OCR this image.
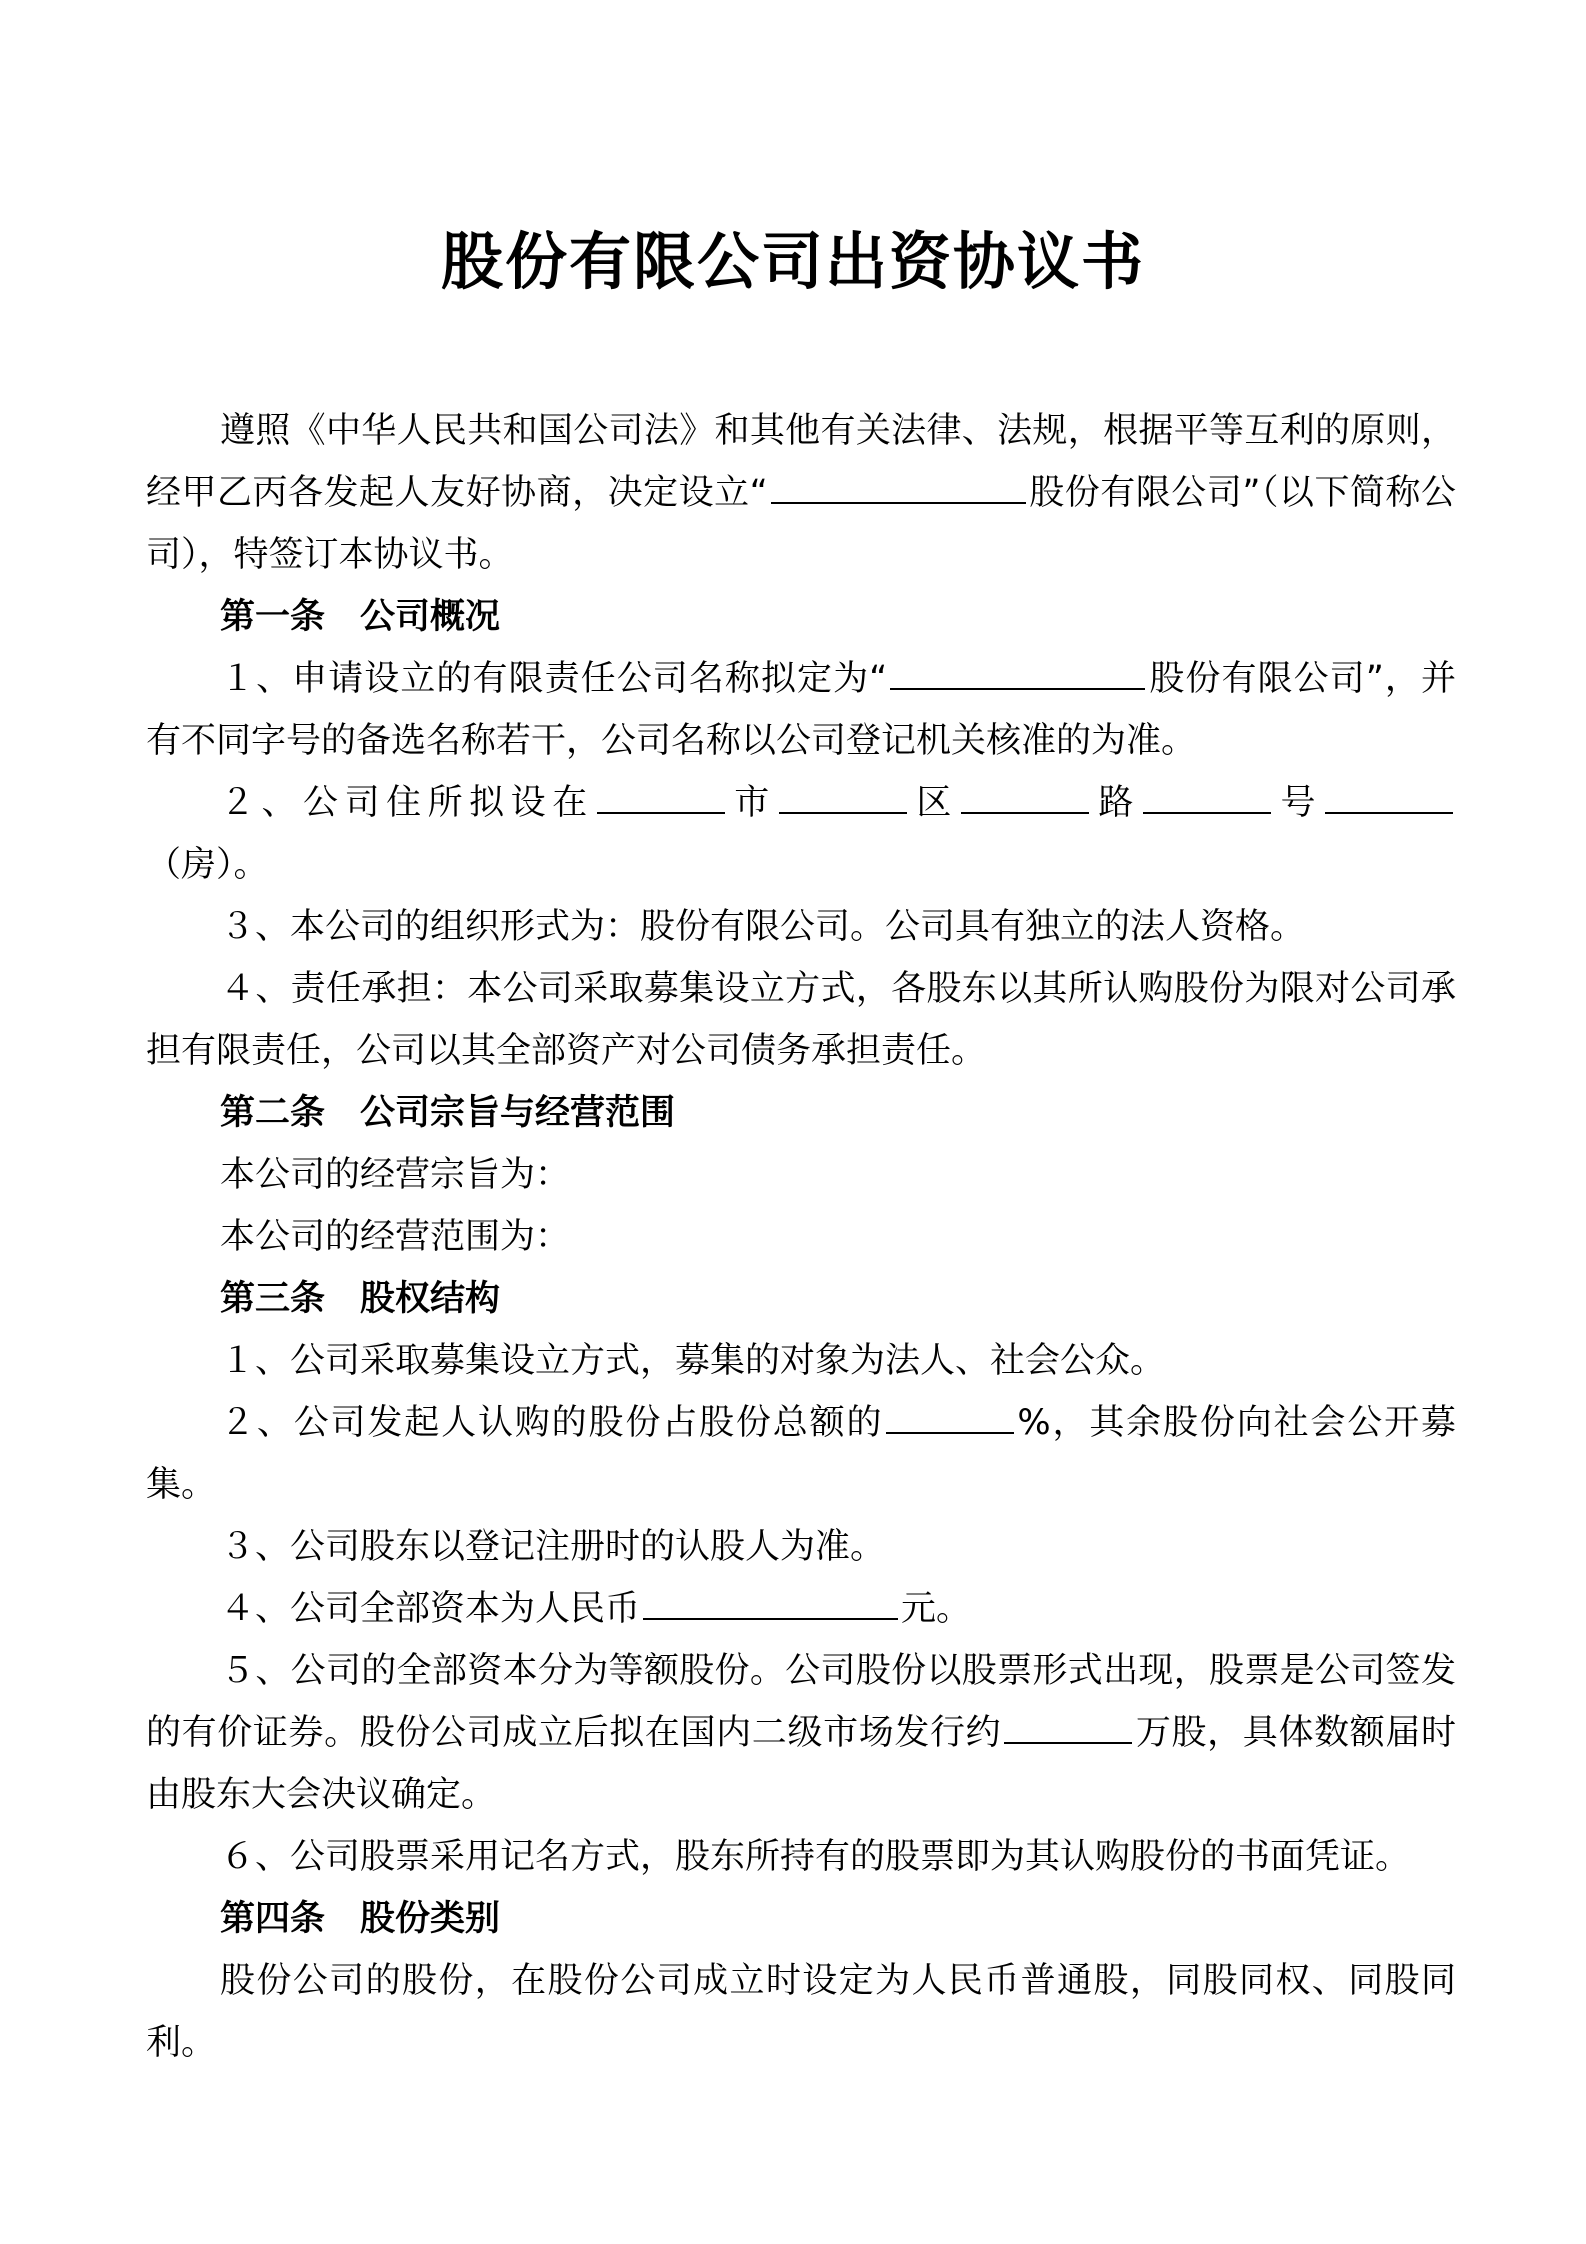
股份有限公司出资协议书

遵照《中华人民共和国公司法》和其他有关法律、法规，根据平等互利的原则，经甲乙丙各发起人友好协商，决定设立“	股份有限公司”（以下简称公司），特签订本协议书。

第一条　公司概况

１、申请设立的有限责任公司名称拟定为“	股份有限公司”，并有不同字号的备选名称若干，公司名称以公司登记机关核准的为准。

２、公司住所拟设在	市	区	路	号（房）。

３、本公司的组织形式为：股份有限公司。公司具有独立的法人资格。

４、责任承担：本公司采取募集设立方式，各股东以其所认购股份为限对公司承担有限责任，公司以其全部资产对公司债务承担责任。

第二条　公司宗旨与经营范围

本公司的经营宗旨为：

本公司的经营范围为：

第三条　股权结构

１、公司采取募集设立方式，募集的对象为法人、社会公众。

２、公司发起人认购的股份占股份总额的	%，其余股份向社会公开募集。

３、公司股东以登记注册时的认股人为准。

４、公司全部资本为人民币	元。

５、公司的全部资本分为等额股份。公司股份以股票形式出现，股票是公司签发的有价证券。股份公司成立后拟在国内二级市场发行约	万股，具体数额届时由股东大会决议确定。

６、公司股票采用记名方式，股东所持有的股票即为其认购股份的书面凭证。

第四条　股份类别

股份公司的股份，在股份公司成立时设定为人民币普通股，同股同权、同股同利。
